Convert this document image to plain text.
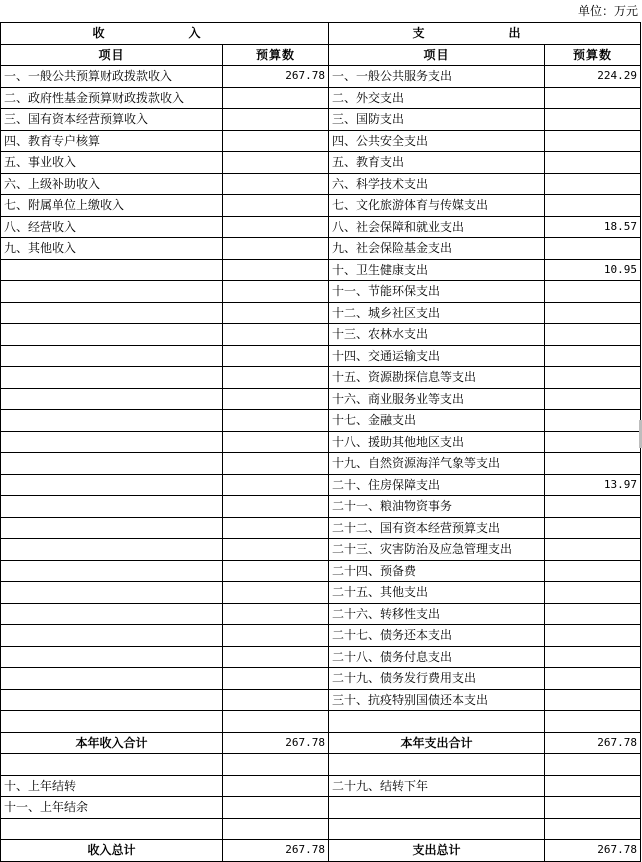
单位：万元
收　入		支　出	
项目	预算数	项目	预算数
一、一般公共预算财政拨款收入	267.78	一、一般公共服务支出	224.29
二、政府性基金预算财政拨款收入		二、外交支出	
三、国有资本经营预算收入		三、国防支出	
四、教育专户核算		四、公共安全支出	
五、事业收入		五、教育支出	
六、上级补助收入		六、科学技术支出	
七、附属单位上缴收入		七、文化旅游体育与传媒支出	
八、经营收入		八、社会保障和就业支出	18.57
九、其他收入		九、社会保险基金支出	
		十、卫生健康支出	10.95
		十一、节能环保支出	
		十二、城乡社区支出	
		十三、农林水支出	
		十四、交通运输支出	
		十五、资源勘探信息等支出	
		十六、商业服务业等支出	
		十七、金融支出	
		十八、援助其他地区支出	
		十九、自然资源海洋气象等支出	
		二十、住房保障支出	13.97
		二十一、粮油物资事务	
		二十二、国有资本经营预算支出	
		二十三、灾害防治及应急管理支出	
		二十四、预备费	
		二十五、其他支出	
		二十六、转移性支出	
		二十七、债务还本支出	
		二十八、债务付息支出	
		二十九、债务发行费用支出	
		三十、抗疫特别国债还本支出	

本年收入合计	267.78	本年支出合计	267.78

十、上年结转		二十九、结转下年	
十一、上年结余			

收入总计	267.78	支出总计	267.78
